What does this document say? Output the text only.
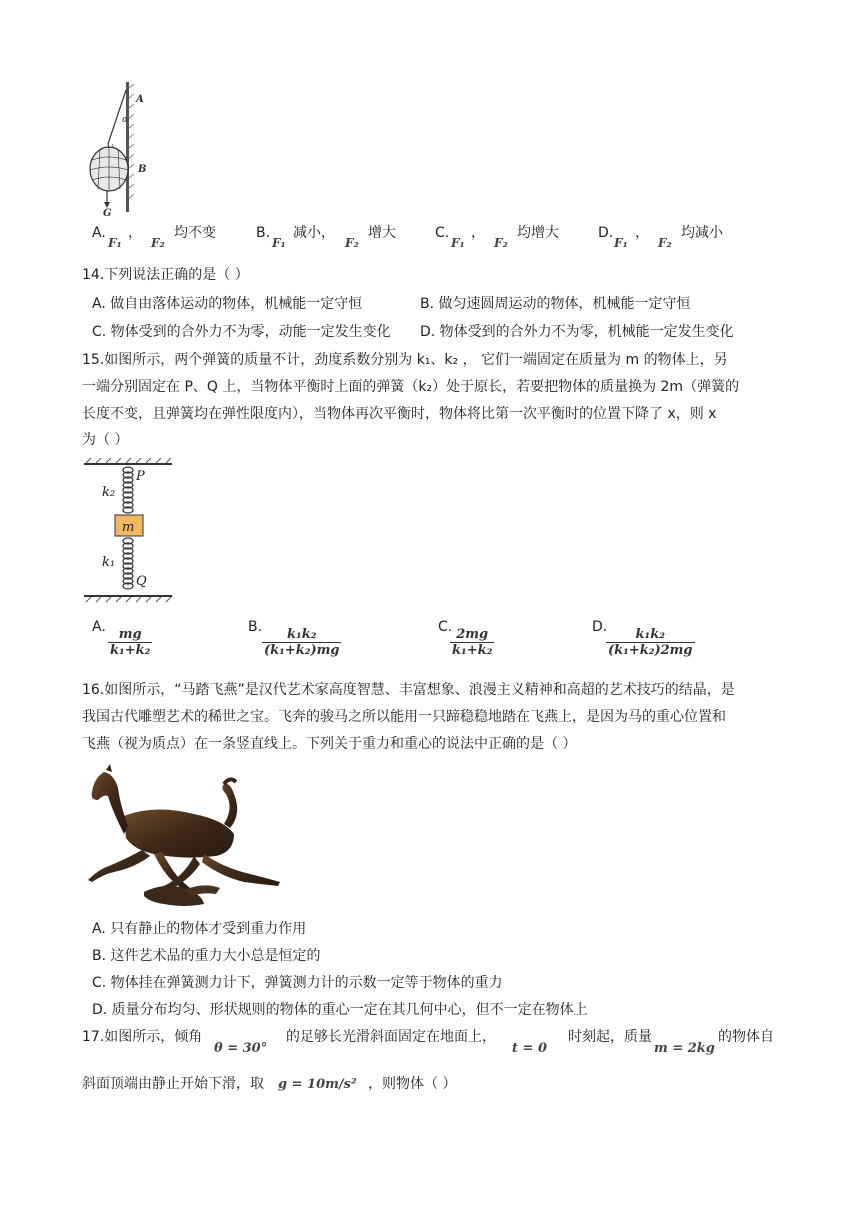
A
α
B
G
A.
F₁
，
F₂
均不变	B.
F₁
减小，
F₂
增大	C.
F₁
，
F₂
均增大	D.
F₁
，
F₂
均减小
14.下列说法正确的是（ ）
A. 做自由落体运动的物体，机械能一定守恒	B. 做匀速圆周运动的物体，机械能一定守恒
C. 物体受到的合外力不为零，动能一定发生变化 D. 物体受到的合外力不为零，机械能一定发生变化
15.如图所示，两个弹簧的质量不计，劲度系数分别为 k₁、k₂ ， 它们一端固定在质量为 m 的物体上，另
一端分别固定在 P、Q 上，当物体平衡时上面的弹簧（k₂）处于原长，若要把物体的质量换为 2m（弹簧的
长度不变，且弹簧均在弹性限度内），当物体再次平衡时，物体将比第一次平衡时的位置下降了 x，则 x
为（ ）
k₂
P
m
k₁
Q
A. $\frac{mg}{\text{k₁+k₂}}$	B. $\frac{\text{k₁k₂}}{\text{(k₁+k₂)mg}}$	C.
$\frac{2mg}{\text{k₁+k₂}}$	D.
$\frac{\text{k₁k₂}}{\text{(k₁+k₂)2mg}}$
16.如图所示，“马踏飞燕”是汉代艺术家高度智慧、丰富想象、浪漫主义精神和高超的艺术技巧的结晶，是
我国古代雕塑艺术的稀世之宝。飞奔的骏马之所以能用一只蹄稳稳地踏在飞燕上，是因为马的重心位置和
飞燕（视为质点）在一条竖直线上。下列关于重力和重心的说法中正确的是（ ）
A. 只有静止的物体才受到重力作用
B. 这件艺术品的重力大小总是恒定的
C. 物体挂在弹簧测力计下，弹簧测力计的示数一定等于物体的重力
D. 质量分布均匀、形状规则的物体的重心一定在其几何中心，但不一定在物体上
17.如图所示，倾角
θ = 30°
的足够长光滑斜面固定在地面上，
t = 0
时刻起，质量
m = 2kg
的物体自
斜面顶端由静止开始下滑，取 g = 10m/s² ，则物体（ ）
